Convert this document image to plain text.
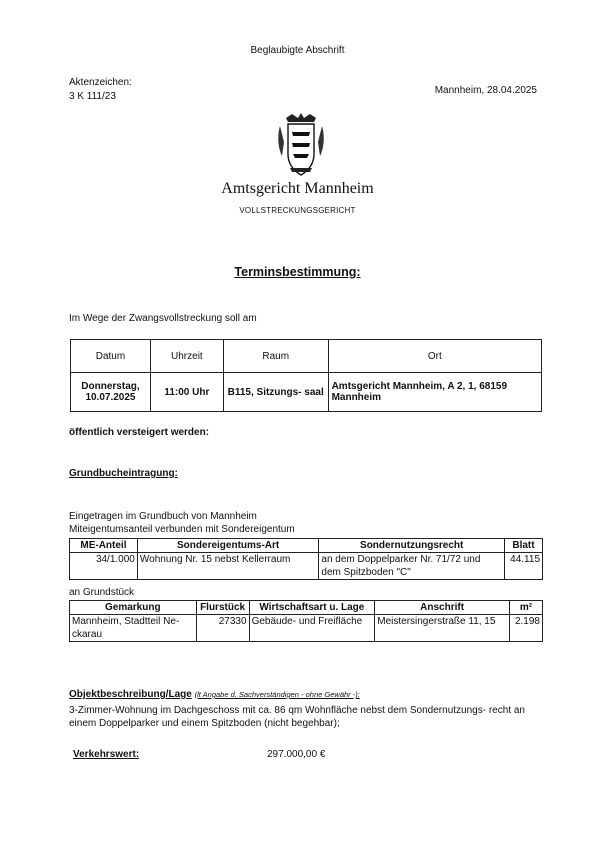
Beglaubigte Abschrift
Aktenzeichen:
3 K 111/23
Mannheim, 28.04.2025
Amtsgericht Mannheim
VOLLSTRECKUNGSGERICHT
Terminsbestimmung:
Im Wege der Zwangsvollstreckung soll am
Datum	Uhrzeit	Raum	Ort
Donnerstag, 10.07.2025	11:00 Uhr	B115, Sitzungs- saal	Amtsgericht Mannheim, A 2, 1, 68159 Mannheim
öffentlich versteigert werden:
Grundbucheintragung:
Eingetragen im Grundbuch von Mannheim
Miteigentumsanteil verbunden mit Sondereigentum
ME-Anteil	Sondereigentums-Art	Sondernutzungsrecht	Blatt
34/1.000	Wohnung Nr. 15 nebst Kellerraum	an dem Doppelparker Nr. 71/72 und dem Spitzboden "C"	44.115
an Grundstück
Gemarkung	Flurstück	Wirtschaftsart u. Lage	Anschrift	m²
Mannheim, Stadtteil Ne- ckarau	27330	Gebäude- und Freifläche	Meistersingerstraße 11, 15	2.198
Objektbeschreibung/Lage (lt Angabe d. Sachverständigen - ohne Gewähr -):
3-Zimmer-Wohnung im Dachgeschoss mit ca. 86 qm Wohnfläche nebst dem Sondernutzungs- recht an einem Doppelparker und einem Spitzboden (nicht begehbar);
Verkehrswert:	297.000,00 €
